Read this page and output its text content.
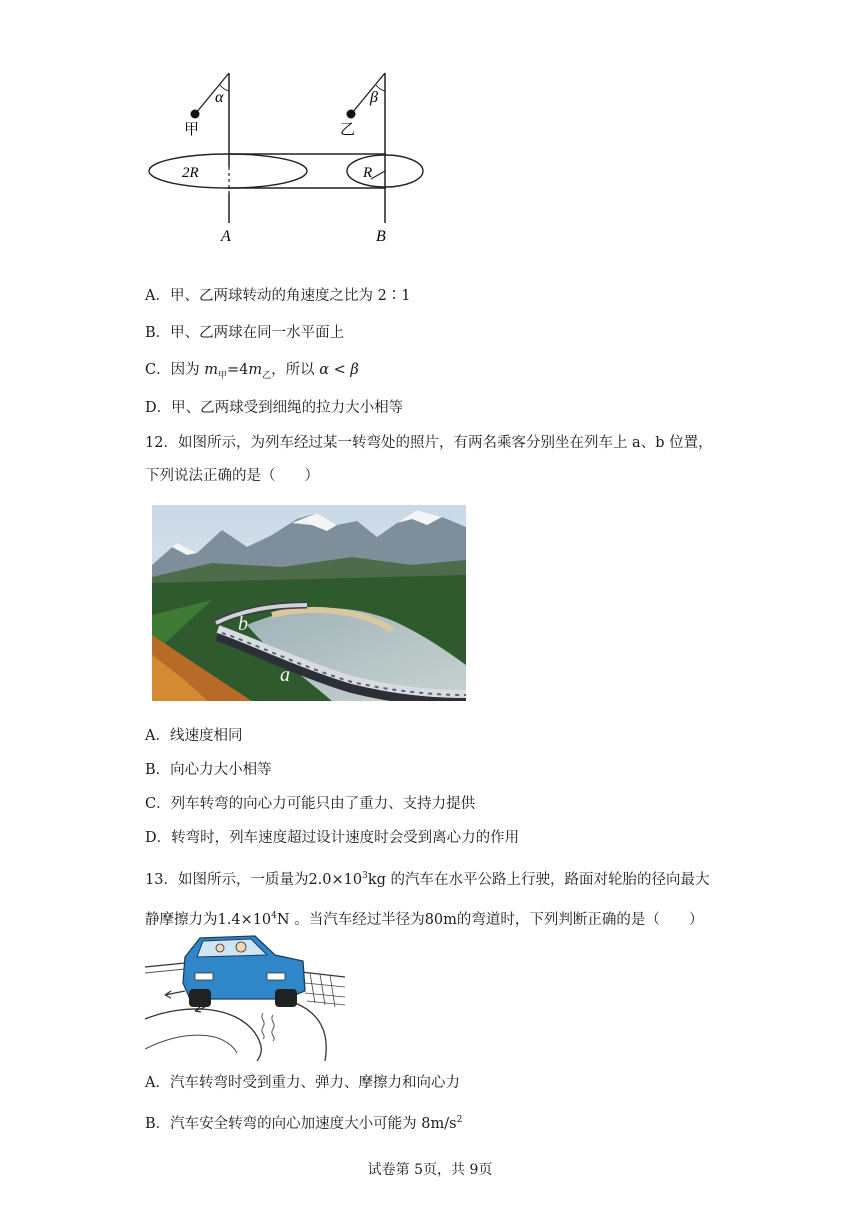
α	β
甲	乙
2R	R
A	B
A．甲、乙两球转动的角速度之比为 2∶1
B．甲、乙两球在同一水平面上
C．因为 $m_甲=4m_乙$，所以 α < β
D．甲、乙两球受到细绳的拉力大小相等
12．如图所示，为列车经过某一转弯处的照片，有两名乘客分别坐在列车上 a、b 位置，
下列说法正确的是（　　）
b
a
A．线速度相同
B．向心力大小相等
C．列车转弯的向心力可能只由了重力、支持力提供
D．转弯时，列车速度超过设计速度时会受到离心力的作用
13．如图所示，一质量为$2.0\times 10^3kg$ 的汽车在水平公路上行驶，路面对轮胎的径向最大
静摩擦力为$1.4\times 10^4N$ 。当汽车经过半径为80m的弯道时，下列判断正确的是（　　）
A．汽车转弯时受到重力、弹力、摩擦力和向心力
B．汽车安全转弯的向心加速度大小可能为 $8m/s^2$
试卷第 5页，共 9页
